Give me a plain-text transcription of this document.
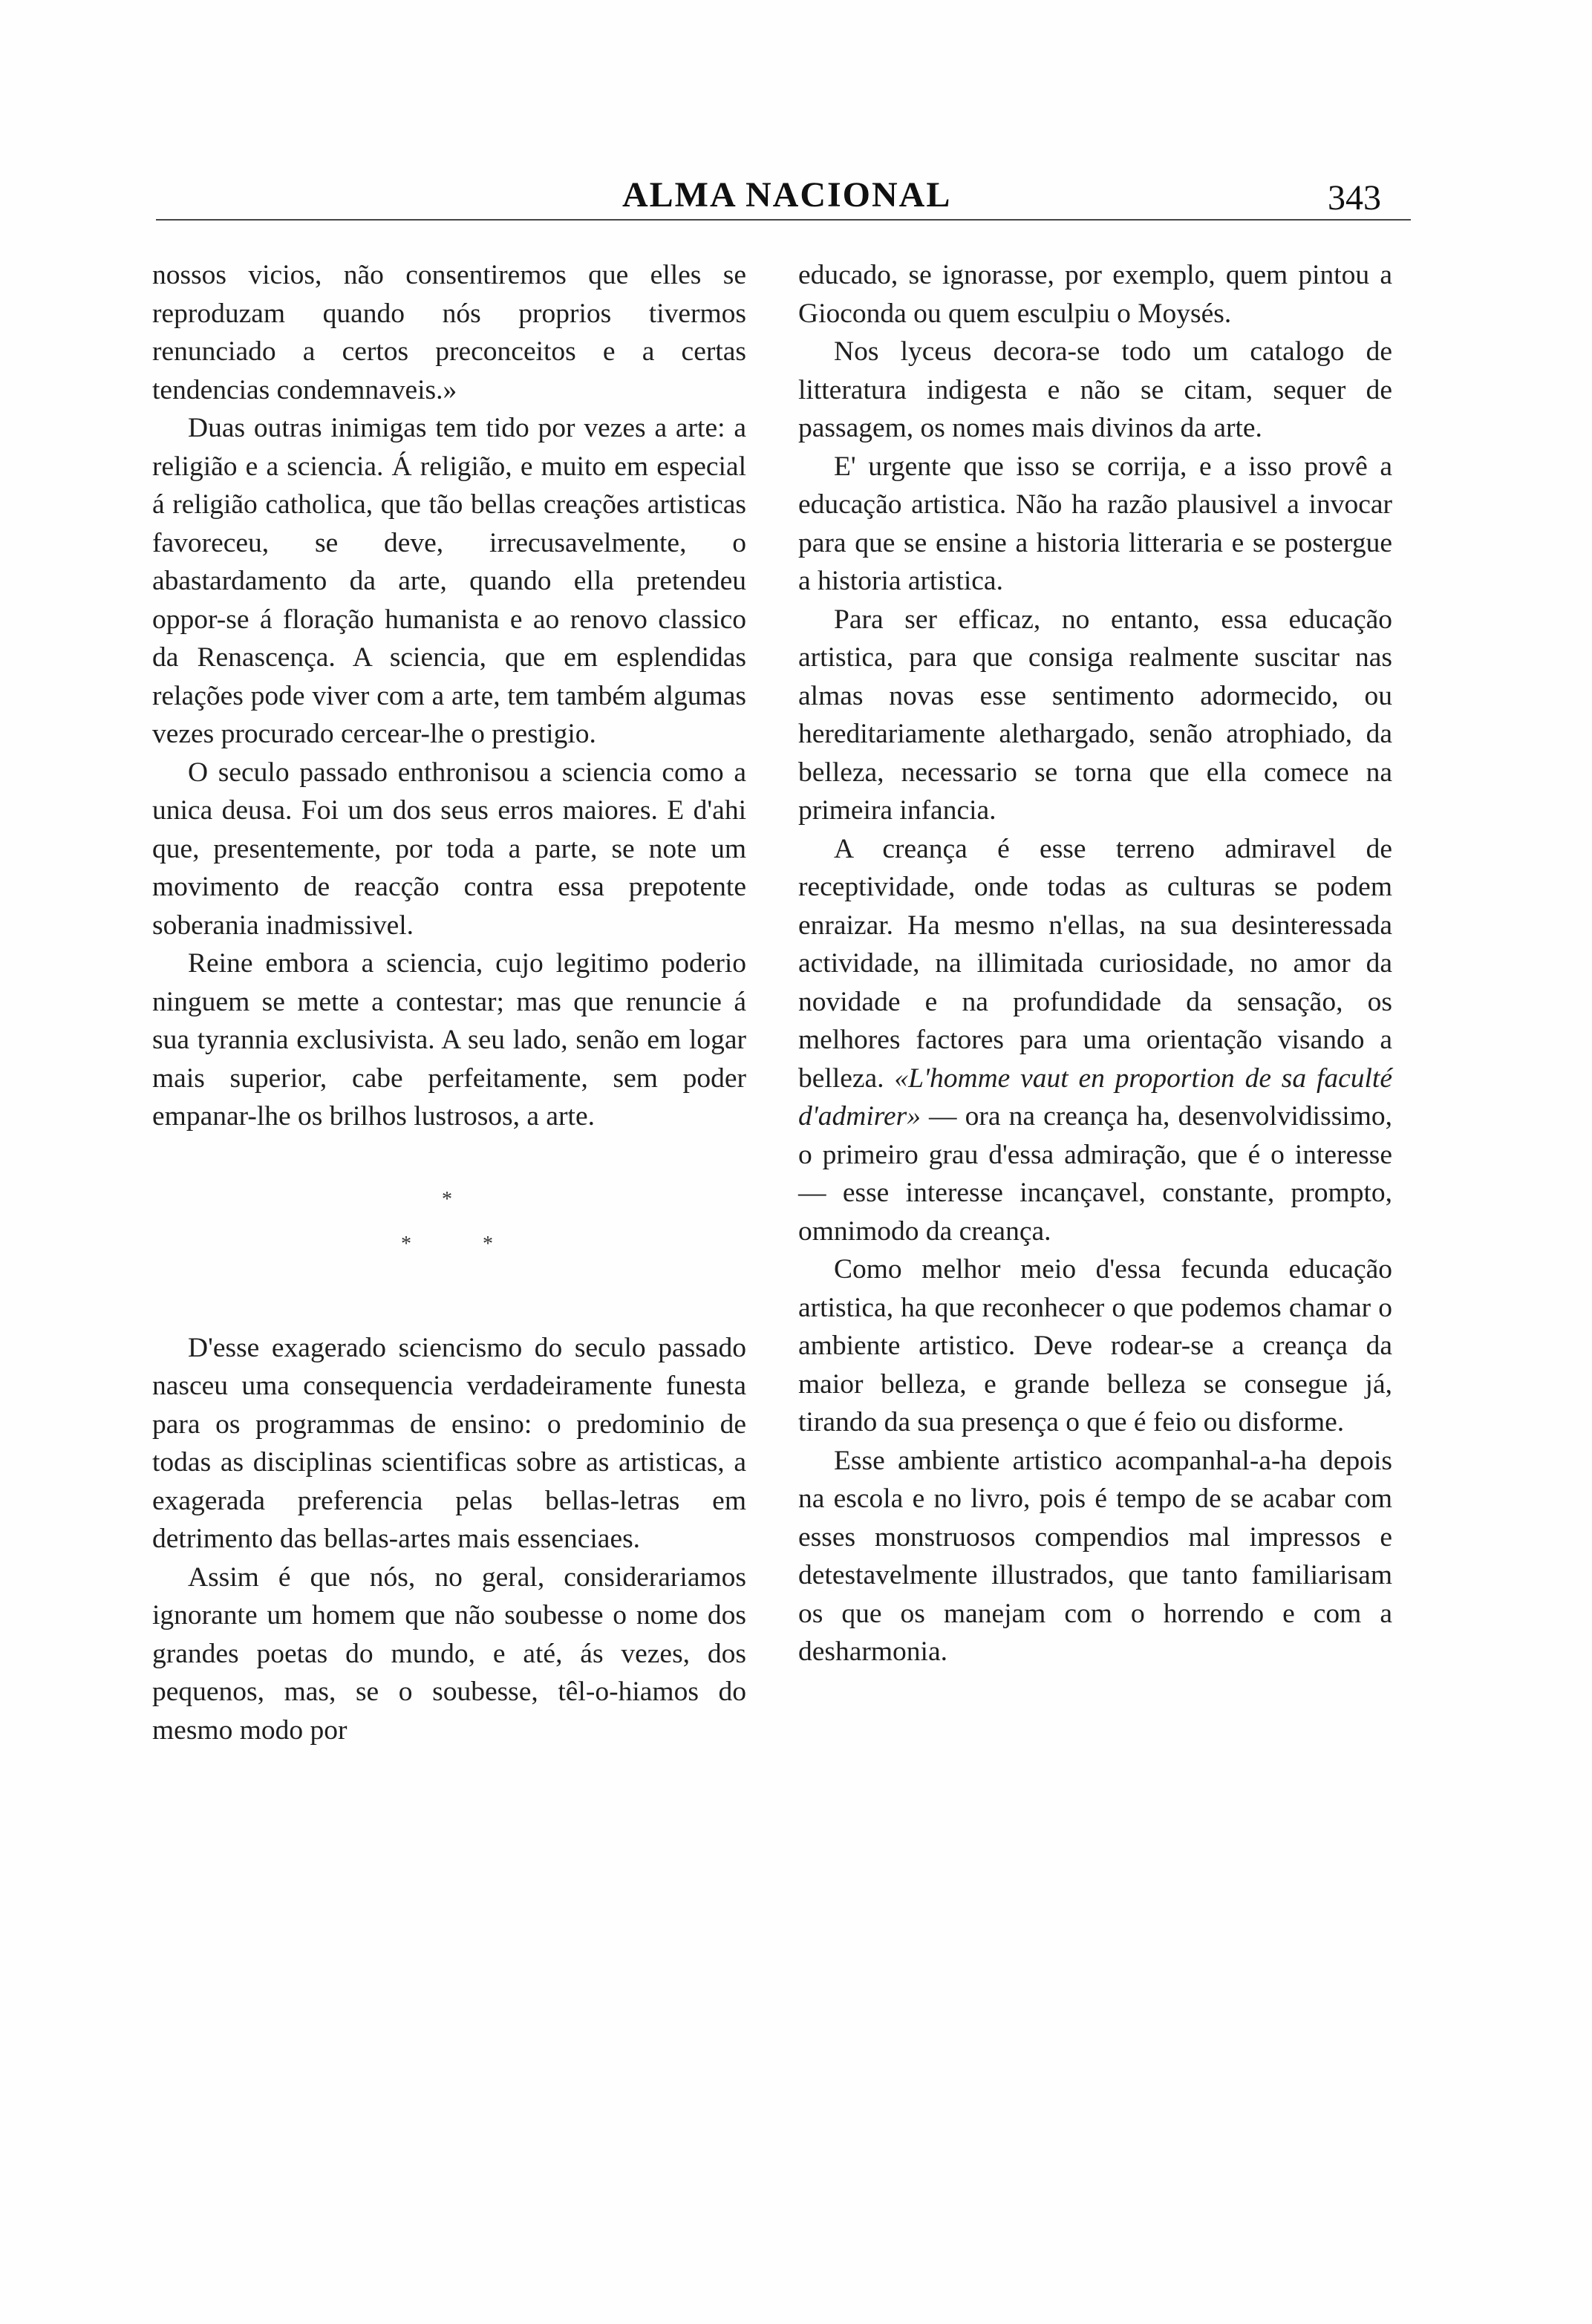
ALMA NACIONAL	343

nossos vicios, não consentiremos que elles se reproduzam quando nós proprios tivermos renunciado a certos preconceitos e a certas tendencias condemnaveis.»

Duas outras inimigas tem tido por vezes a arte: a religião e a sciencia. Á religião, e muito em especial á religião catholica, que tão bellas creações artisticas favoreceu, se deve, irrecusavelmente, o abastardamento da arte, quando ella pretendeu oppor-se á floração humanista e ao renovo classico da Renascença. A sciencia, que em esplendidas relações pode viver com a arte, tem também algumas vezes procurado cercear-lhe o prestigio.

O seculo passado enthronisou a sciencia como a unica deusa. Foi um dos seus erros maiores. E d'ahi que, presentemente, por toda a parte, se note um movimento de reacção contra essa prepotente soberania inadmissivel.

Reine embora a sciencia, cujo legitimo poderio ninguem se mette a contestar; mas que renuncie á sua tyrannia exclusivista. A seu lado, senão em logar mais superior, cabe perfeitamente, sem poder empanar-lhe os brilhos lustrosos, a arte.

*
*	*

D'esse exagerado sciencismo do seculo passado nasceu uma consequencia verdadeiramente funesta para os programmas de ensino: o predominio de todas as disciplinas scientificas sobre as artisticas, a exagerada preferencia pelas bellas-letras em detrimento das bellas-artes mais essenciaes.

Assim é que nós, no geral, considerariamos ignorante um homem que não soubesse o nome dos grandes poetas do mundo, e até, ás vezes, dos pequenos, mas, se o soubesse, têl-o-hiamos do mesmo modo por

educado, se ignorasse, por exemplo, quem pintou a Gioconda ou quem esculpiu o Moysés.

Nos lyceus decora-se todo um catalogo de litteratura indigesta e não se citam, sequer de passagem, os nomes mais divinos da arte.

E' urgente que isso se corrija, e a isso provê a educação artistica. Não ha razão plausivel a invocar para que se ensine a historia litteraria e se postergue a historia artistica.

Para ser efficaz, no entanto, essa educação artistica, para que consiga realmente suscitar nas almas novas esse sentimento adormecido, ou hereditariamente alethargado, senão atrophiado, da belleza, necessario se torna que ella comece na primeira infancia.

A creança é esse terreno admiravel de receptividade, onde todas as culturas se podem enraizar. Ha mesmo n'ellas, na sua desinteressada actividade, na illimitada curiosidade, no amor da novidade e na profundidade da sensação, os melhores factores para uma orientação visando a belleza. «L'homme vaut en proportion de sa faculté d'admirer» — ora na creança ha, desenvolvidissimo, o primeiro grau d'essa admiração, que é o interesse — esse interesse incançavel, constante, prompto, omnimodo da creança.

Como melhor meio d'essa fecunda educação artistica, ha que reconhecer o que podemos chamar o ambiente artistico. Deve rodear-se a creança da maior belleza, e grande belleza se consegue já, tirando da sua presença o que é feio ou disforme.

Esse ambiente artistico acompanhal-a-ha depois na escola e no livro, pois é tempo de se acabar com esses monstruosos compendios mal impressos e detestavelmente illustrados, que tanto familiarisam os que os manejam com o horrendo e com a desharmonia.
